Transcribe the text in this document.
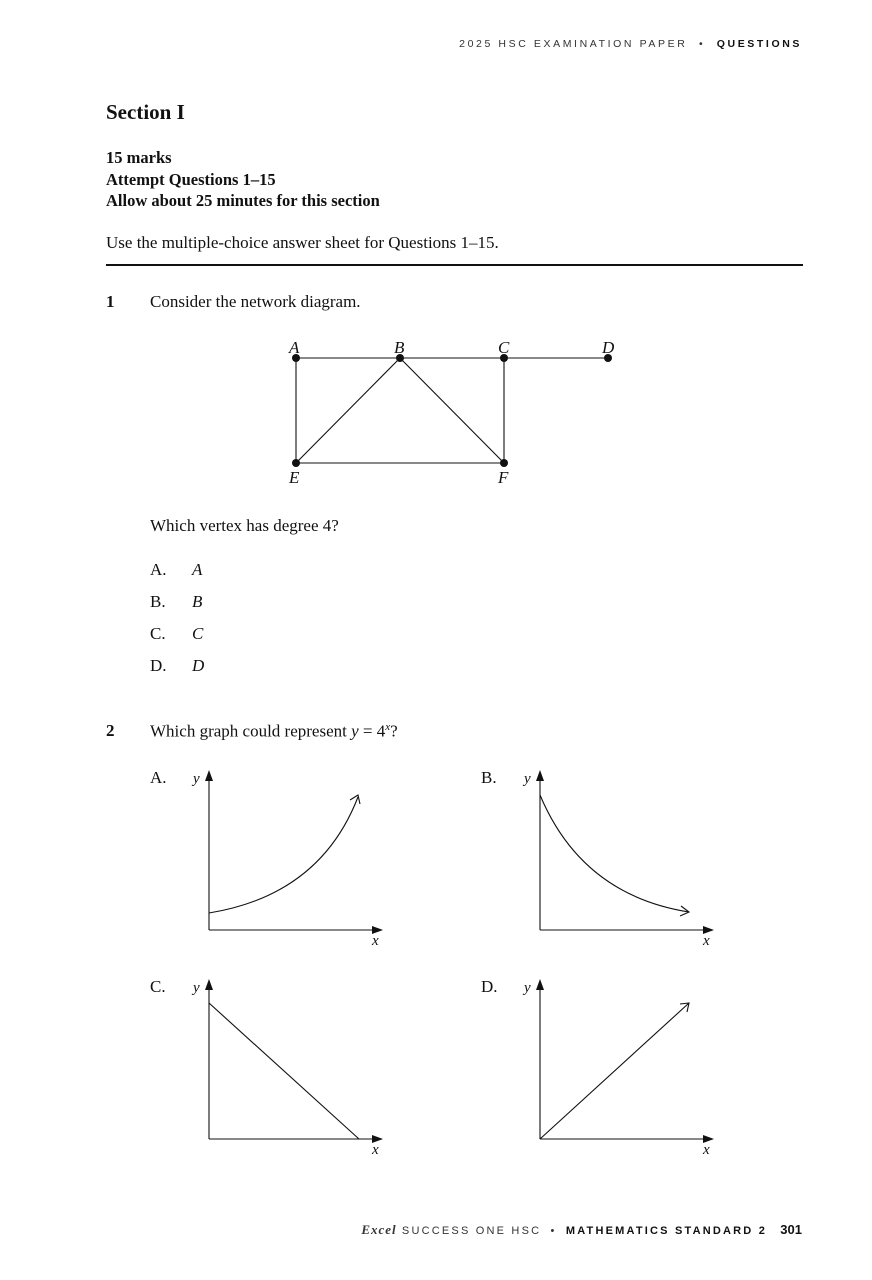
2025 HSC EXAMINATION PAPER • QUESTIONS
Section I
15 marks
Attempt Questions 1–15
Allow about 25 minutes for this section
Use the multiple-choice answer sheet for Questions 1–15.
1 Consider the network diagram.
A	B	C	D
E	F
Which vertex has degree 4?
A. A
B. B
C. C
D. D
2 Which graph could represent $y = 4^x$?
A. y
x
B. y
x
C. y
x
D. y
x
Excel SUCCESS ONE HSC • MATHEMATICS STANDARD 2 301
